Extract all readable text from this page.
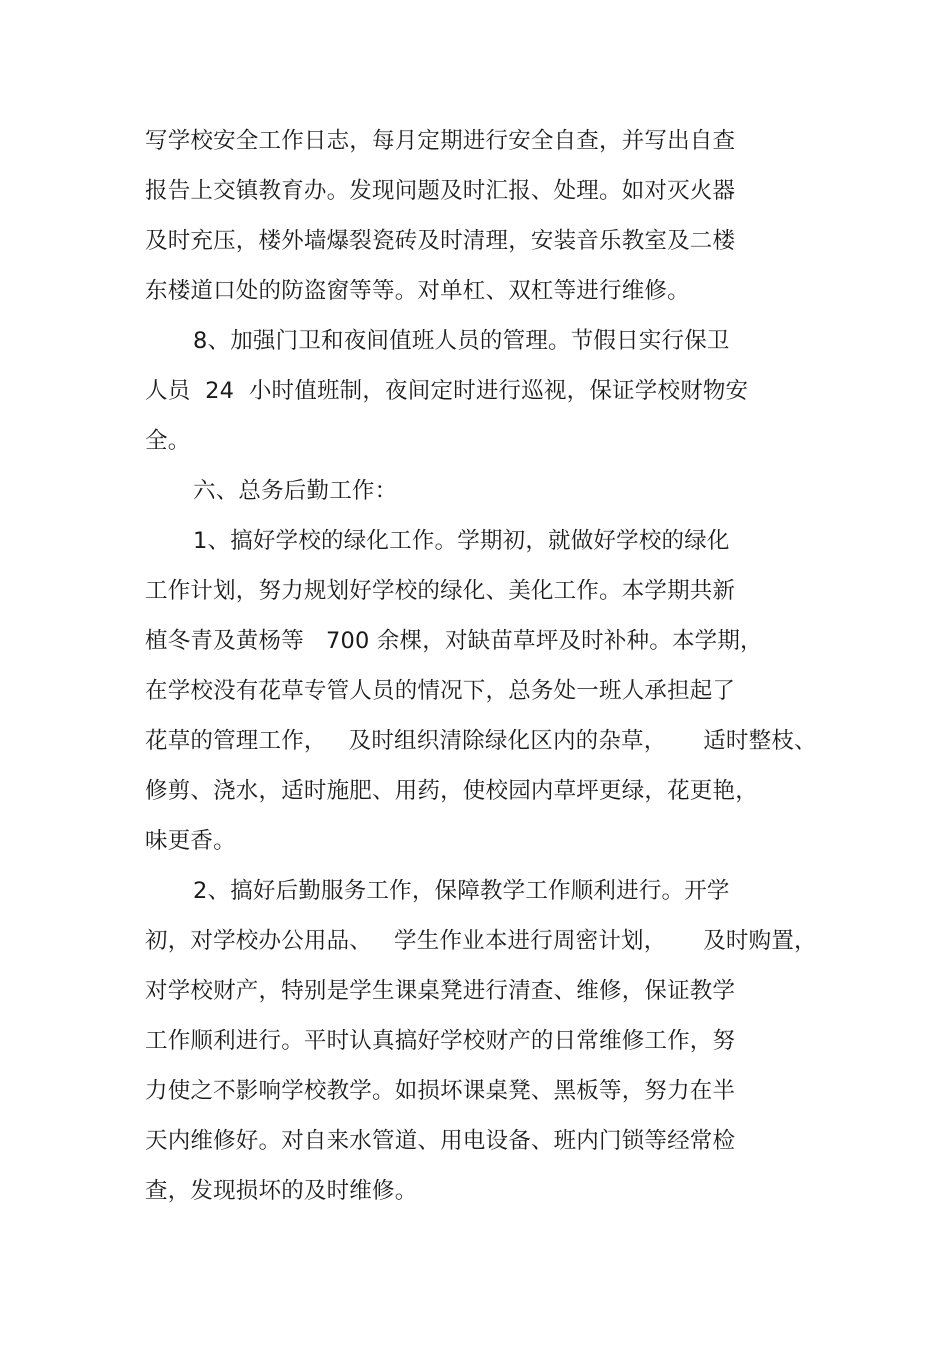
写学校安全工作日志，每月定期进行安全自查，并写出自查
报告上交镇教育办。发现问题及时汇报、处理。如对灭火器
及时充压，楼外墙爆裂瓷砖及时清理，安装音乐教室及二楼
东楼道口处的防盗窗等等。对单杠、双杠等进行维修。
8、加强门卫和夜间值班人员的管理。节假日实行保卫
人员  24  小时值班制，夜间定时进行巡视，保证学校财物安
全。
六、总务后勤工作：
1、搞好学校的绿化工作。学期初，就做好学校的绿化
工作计划，努力规划好学校的绿化、美化工作。本学期共新
植冬青及黄杨等   700 余棵，对缺苗草坪及时补种。本学期，
在学校没有花草专管人员的情况下，总务处一班人承担起了
花草的管理工作，   及时组织清除绿化区内的杂草，     适时整枝、
修剪、浇水，适时施肥、用药，使校园内草坪更绿，花更艳，
味更香。
2、搞好后勤服务工作，保障教学工作顺利进行。开学
初，对学校办公用品、   学生作业本进行周密计划，     及时购置，
对学校财产，特别是学生课桌凳进行清查、维修，保证教学
工作顺利进行。平时认真搞好学校财产的日常维修工作，努
力使之不影响学校教学。如损坏课桌凳、黑板等，努力在半
天内维修好。对自来水管道、用电设备、班内门锁等经常检
查，发现损坏的及时维修。
